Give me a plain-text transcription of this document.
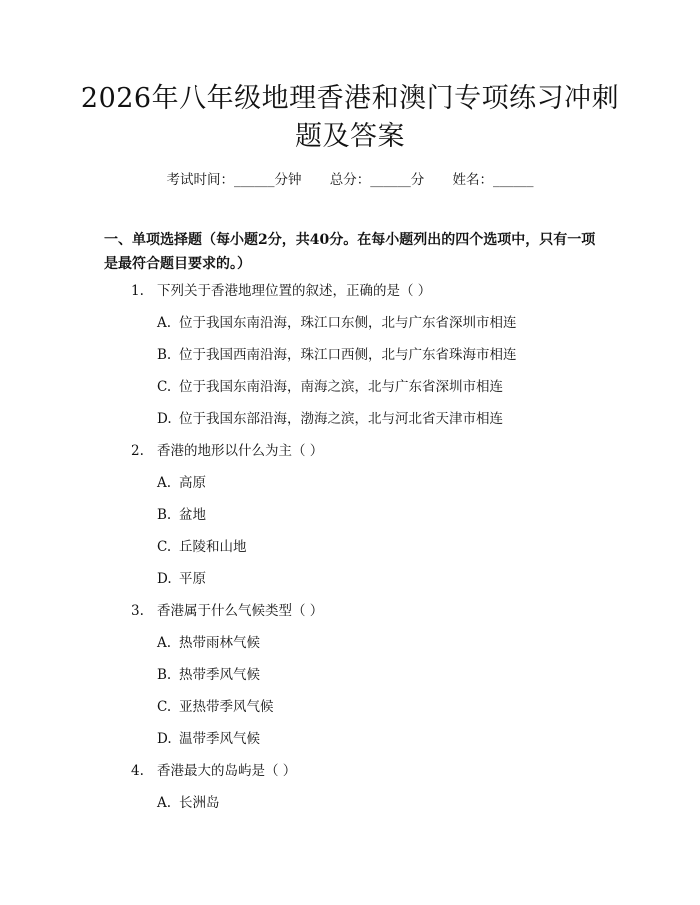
2026年八年级地理香港和澳门专项练习冲刺
题及答案
考试时间：______分钟 总分：______分 姓名：______
一、单项选择题（每小题2分，共40分。在每小题列出的四个选项中，只有一项是最符合题目要求的。）
1. 下列关于香港地理位置的叙述，正确的是（ ）
A. 位于我国东南沿海，珠江口东侧，北与广东省深圳市相连
B. 位于我国西南沿海，珠江口西侧，北与广东省珠海市相连
C. 位于我国东南沿海，南海之滨，北与广东省深圳市相连
D. 位于我国东部沿海，渤海之滨，北与河北省天津市相连
2. 香港的地形以什么为主（ ）
A. 高原
B. 盆地
C. 丘陵和山地
D. 平原
3. 香港属于什么气候类型（ ）
A. 热带雨林气候
B. 热带季风气候
C. 亚热带季风气候
D. 温带季风气候
4. 香港最大的岛屿是（ ）
A. 长洲岛
